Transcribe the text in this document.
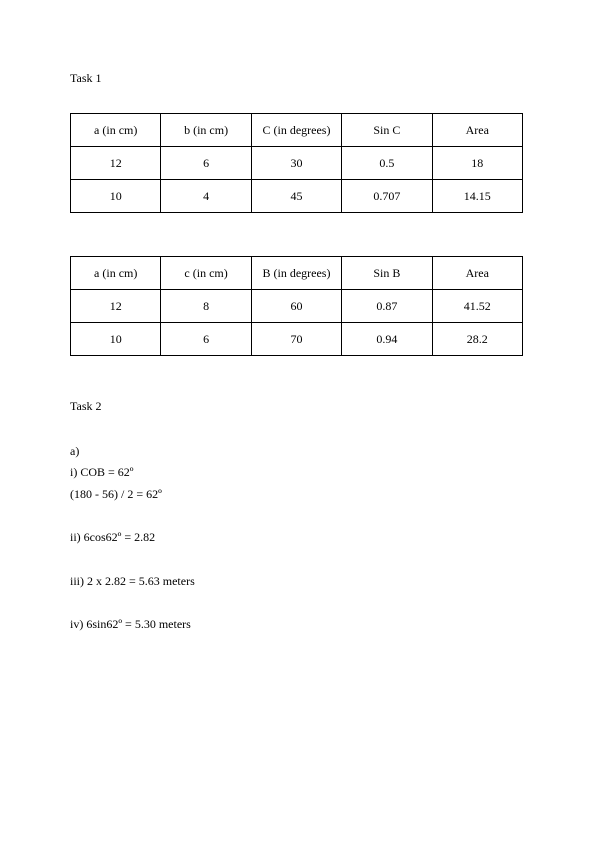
Task 1
a (in cm)	b (in cm)	C (in degrees)	Sin C	Area
12	6	30	0.5	18
10	4	45	0.707	14.15
a (in cm)	c (in cm)	B (in degrees)	Sin B	Area
12	8	60	0.87	41.52
10	6	70	0.94	28.2
Task 2
a)
i) COB = 62º
(180 - 56) / 2 = 62º
ii) 6cos62º = 2.82
iii) 2 x 2.82 = 5.63 meters
iv) 6sin62º = 5.30 meters
